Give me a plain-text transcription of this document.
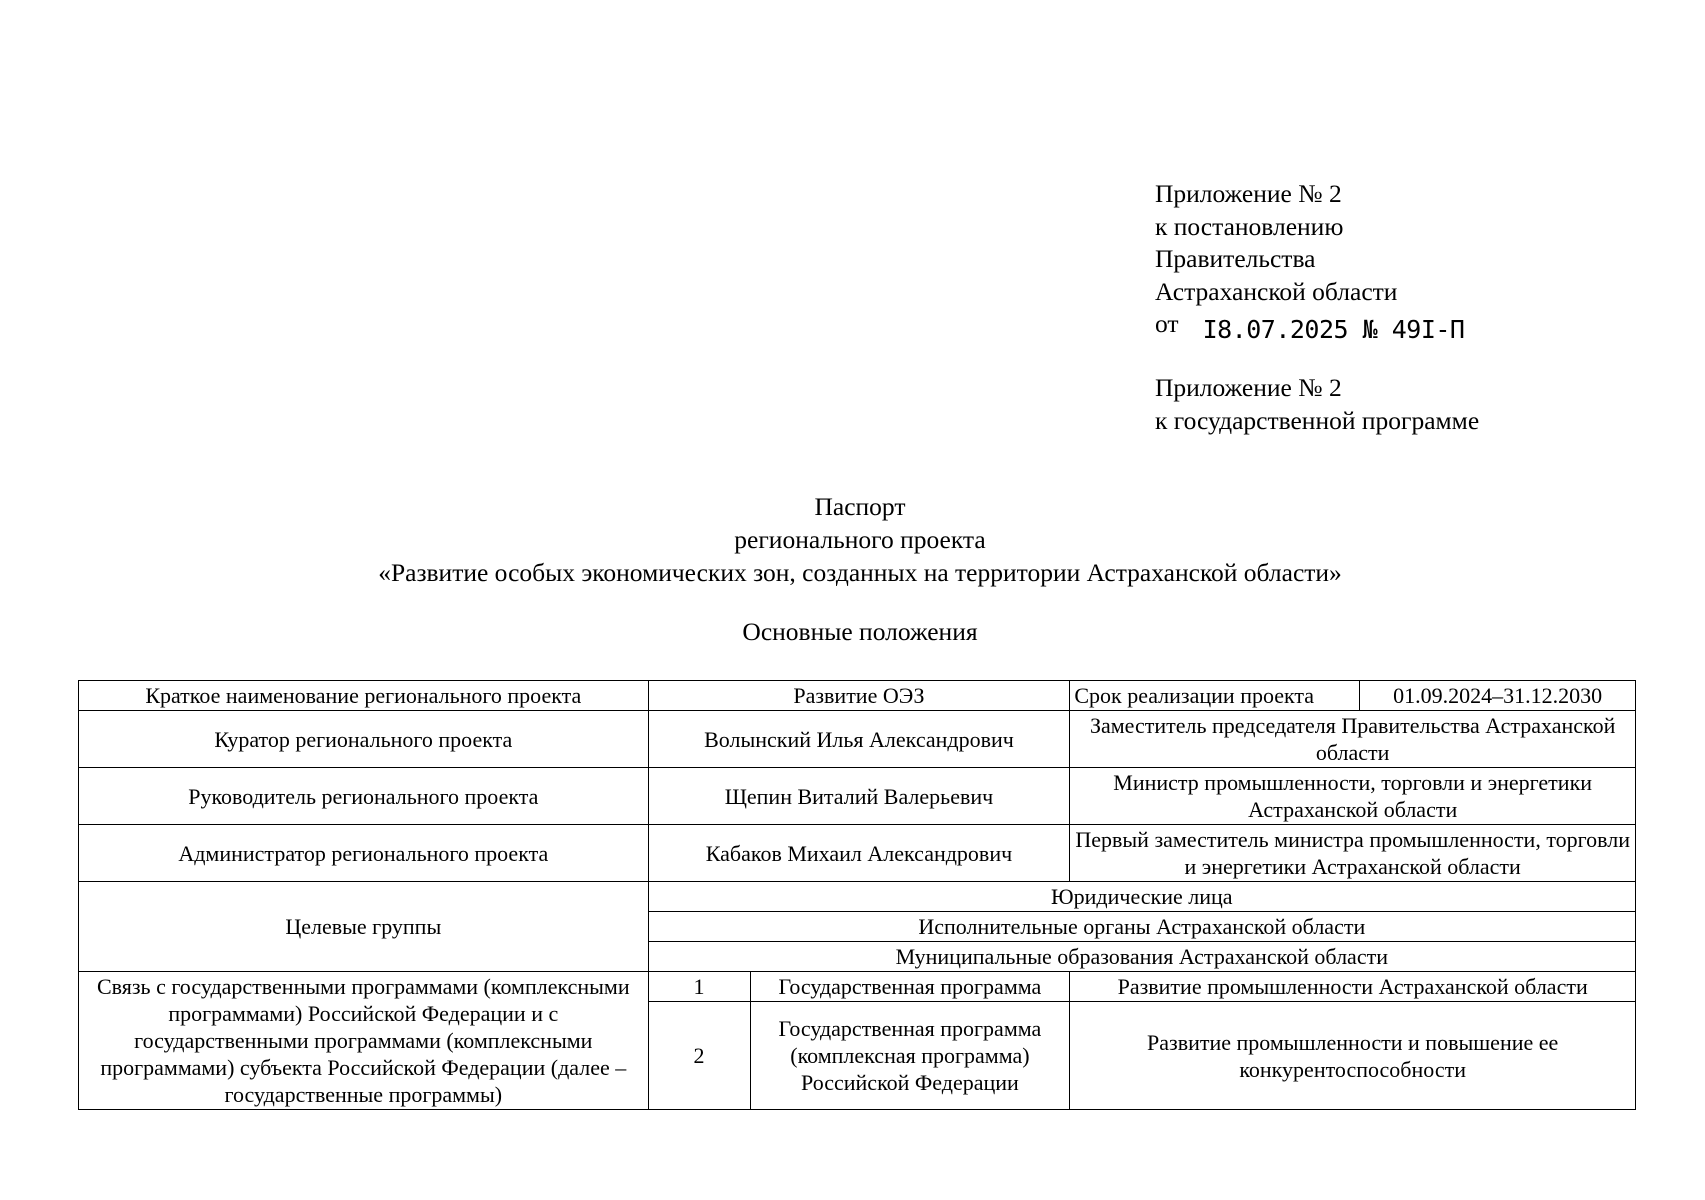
Приложение № 2
к постановлению
Правительства
Астраханской области
от I8.07.2025 № 49I-П
Приложение № 2
к государственной программе
Паспорт
регионального проекта
«Развитие особых экономических зон, созданных на территории Астраханской области»
Основные положения
Краткое наименование регионального проекта	Развитие ОЭЗ		Срок реализации проекта	01.09.2024–31.12.2030
Куратор регионального проекта	Волынский Илья Александрович		Заместитель председателя Правительства Астраханской области	
Руководитель регионального проекта	Щепин Виталий Валерьевич		Министр промышленности, торговли и энергетики Астраханской области	
Администратор регионального проекта	Кабаков Михаил Александрович		Первый заместитель министра промышленности, торговли и энергетики Астраханской области	
Целевые группы	Юридические лица			
	Исполнительные органы Астраханской области			
	Муниципальные образования Астраханской области			
Связь с государственными программами (комплексными программами) Российской Федерации и с государственными программами (комплексными программами) субъекта Российской Федерации (далее – государственные программы)	1	Государственная программа	Развитие промышленности Астраханской области	
	2	Государственная программа (комплексная программа) Российской Федерации	Развитие промышленности и повышение ее конкурентоспособности	
